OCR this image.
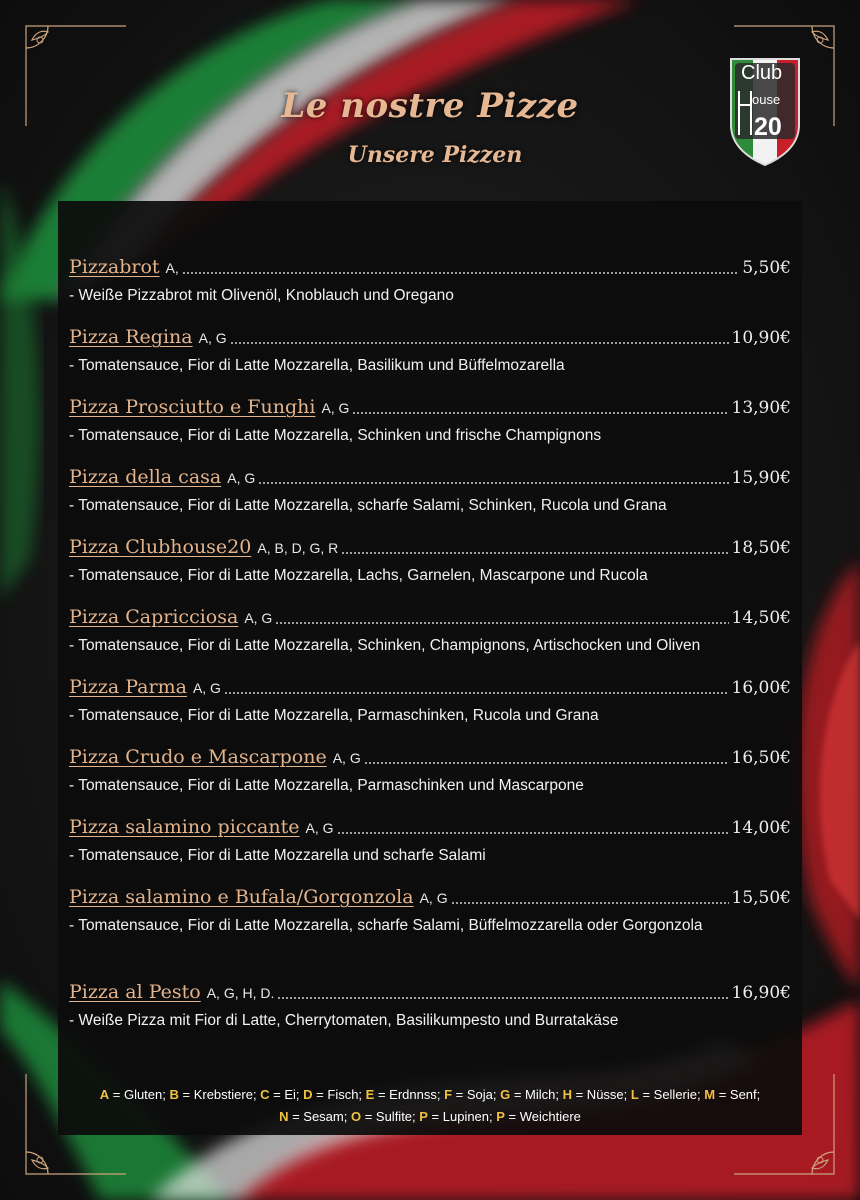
Le nostre Pizze
Unsere Pizzen
Club
ouse
20
Pizzabrot A,	5,50€
- Weiße Pizzabrot mit Olivenöl, Knoblauch und Oregano
Pizza Regina A, G	10,90€
- Tomatensauce, Fior di Latte Mozzarella, Basilikum und Büffelmozarella
Pizza Prosciutto e Funghi A, G	13,90€
- Tomatensauce, Fior di Latte Mozzarella, Schinken und frische Champignons
Pizza della casa A, G	15,90€
- Tomatensauce, Fior di Latte Mozzarella, scharfe Salami, Schinken, Rucola und Grana
Pizza Clubhouse20 A, B, D, G, R	18,50€
- Tomatensauce, Fior di Latte Mozzarella, Lachs, Garnelen, Mascarpone und Rucola
Pizza Capricciosa A, G	14,50€
- Tomatensauce, Fior di Latte Mozzarella, Schinken, Champignons, Artischocken und Oliven
Pizza Parma A, G	16,00€
- Tomatensauce, Fior di Latte Mozzarella, Parmaschinken, Rucola und Grana
Pizza Crudo e Mascarpone A, G	16,50€
- Tomatensauce, Fior di Latte Mozzarella, Parmaschinken und Mascarpone
Pizza salamino piccante A, G	14,00€
- Tomatensauce, Fior di Latte Mozzarella und scharfe Salami
Pizza salamino e Bufala/Gorgonzola A, G	15,50€
- Tomatensauce, Fior di Latte Mozzarella, scharfe Salami, Büffelmozzarella oder Gorgonzola
Pizza al Pesto A, G, H, D.	16,90€
- Weiße Pizza mit Fior di Latte, Cherrytomaten, Basilikumpesto und Burratakäse
A = Gluten; B = Krebstiere; C = Ei; D = Fisch; E = Erdnnss; F = Soja; G = Milch; H = Nüsse; L = Sellerie; M = Senf;
N = Sesam; O = Sulfite; P = Lupinen; P = Weichtiere
